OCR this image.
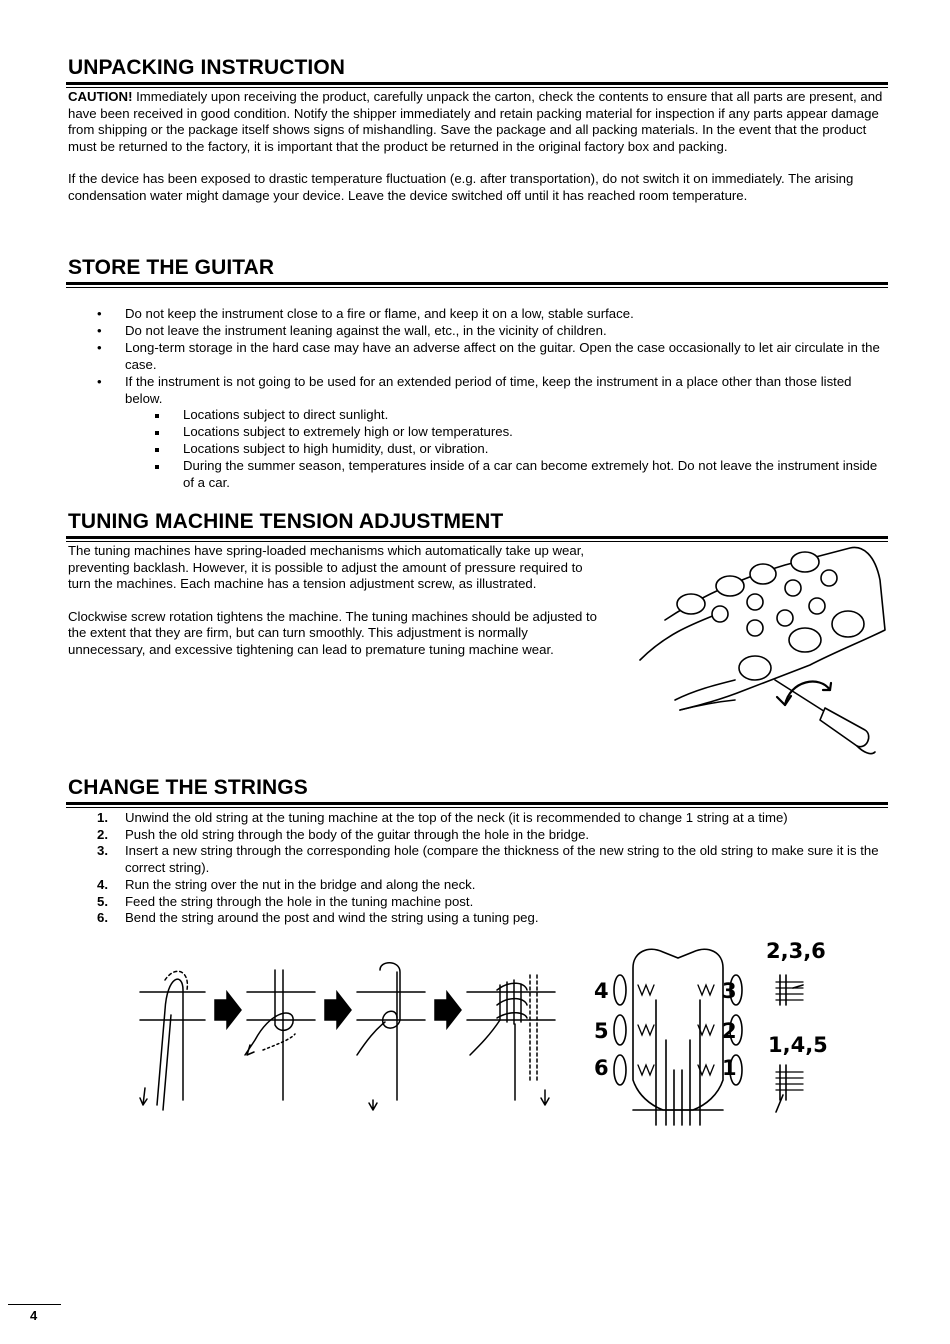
UNPACKING INSTRUCTION

CAUTION! Immediately upon receiving the product, carefully unpack the carton, check the contents to ensure that all parts are present, and have been received in good condition. Notify the shipper immediately and retain packing material for inspection if any parts appear damage from shipping or the package itself shows signs of mishandling. Save the package and all packing materials. In the event that the product must be returned to the factory, it is important that the product be returned in the original factory box and packing.

If the device has been exposed to drastic temperature fluctuation (e.g. after transportation), do not switch it on immediately. The arising condensation water might damage your device. Leave the device switched off until it has reached room temperature.

STORE THE GUITAR
• Do not keep the instrument close to a fire or flame, and keep it on a low, stable surface.
• Do not leave the instrument leaning against the wall, etc., in the vicinity of children.
• Long-term storage in the hard case may have an adverse affect on the guitar. Open the case occasionally to let air circulate in the case.
• If the instrument is not going to be used for an extended period of time, keep the instrument in a place other than those listed below.
Locations subject to direct sunlight.
Locations subject to extremely high or low temperatures.
Locations subject to high humidity, dust, or vibration.
During the summer season, temperatures inside of a car can become extremely hot. Do not leave the instrument inside of a car.
TUNING MACHINE TENSION ADJUSTMENT

The tuning machines have spring-loaded mechanisms which automatically take up wear, preventing backlash. However, it is possible to adjust the amount of pressure required to turn the machines. Each machine has a tension adjustment screw, as illustrated.

Clockwise screw rotation tightens the machine. The tuning machines should be adjusted to the extent that they are firm, but can turn smoothly. This adjustment is normally unnecessary, and excessive tightening can lead to premature tuning machine wear.

CHANGE THE STRINGS
1. Unwind the old string at the tuning machine at the top of the neck (it is recommended to change 1 string at a time)
2. Push the old string through the body of the guitar through the hole in the bridge.
3. Insert a new string through the corresponding hole (compare the thickness of the new string to the old string to make sure it is the correct string).
4. Run the string over the nut in the bridge and along the neck.
5. Feed the string through the hole in the tuning machine post.
6. Bend the string around the post and wind the string using a tuning peg.
4
5
6
3
2
1
2,3,6
1,4,5
4
